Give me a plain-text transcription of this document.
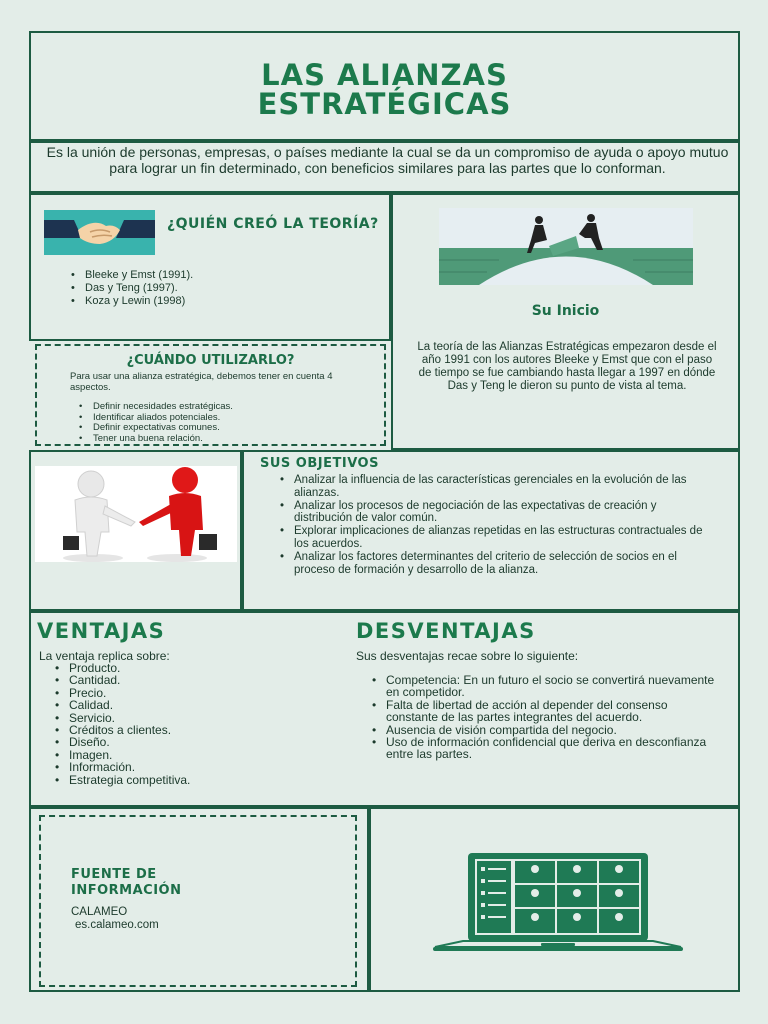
LAS ALIANZAS
ESTRATÉGICAS
Es la unión de personas, empresas, o países mediante la cual se da un compromiso de ayuda o apoyo mutuo para lograr un fin determinado, con beneficios similares para las partes que lo conforman.
¿QUIÉN CREÓ LA TEORÍA?
• Bleeke y Emst (1991).
• Das y Teng (1997).
• Koza y Lewin (1998)
Su Inicio
La teoría de las Alianzas Estratégicas empezaron desde el año 1991 con los autores Bleeke y Emst que con el paso de tiempo se fue cambiando hasta llegar a 1997 en dónde Das y Teng le dieron su punto de vista al tema.
¿CUÁNDO UTILIZARLO?
Para usar una alianza estratégica, debemos tener en cuenta 4 aspectos.
• Definir necesidades estratégicas.
• Identificar aliados potenciales.
• Definir expectativas comunes.
• Tener una buena relación.
SUS OBJETIVOS
• Analizar la influencia de las características gerenciales en la evolución de las alianzas.
• Analizar los procesos de negociación de las expectativas de creación y distribución de valor común.
• Explorar implicaciones de alianzas repetidas en las estructuras contractuales de los acuerdos.
• Analizar los factores determinantes del criterio de selección de socios en el proceso de formación y desarrollo de la alianza.
VENTAJAS
La ventaja replica sobre:
• Producto.
• Cantidad.
• Precio.
• Calidad.
• Servicio.
• Créditos a clientes.
• Diseño.
• Imagen.
• Información.
• Estrategia competitiva.
DESVENTAJAS
Sus desventajas recae sobre lo siguiente:
• Competencia: En un futuro el socio se convertirá nuevamente en competidor.
• Falta de libertad de acción al depender del consenso constante de las partes integrantes del acuerdo.
• Ausencia de visión compartida del negocio.
• Uso de información confidencial que deriva en desconfianza entre las partes.
FUENTE DE
INFORMACIÓN
CALAMEO
es.calameo.com
